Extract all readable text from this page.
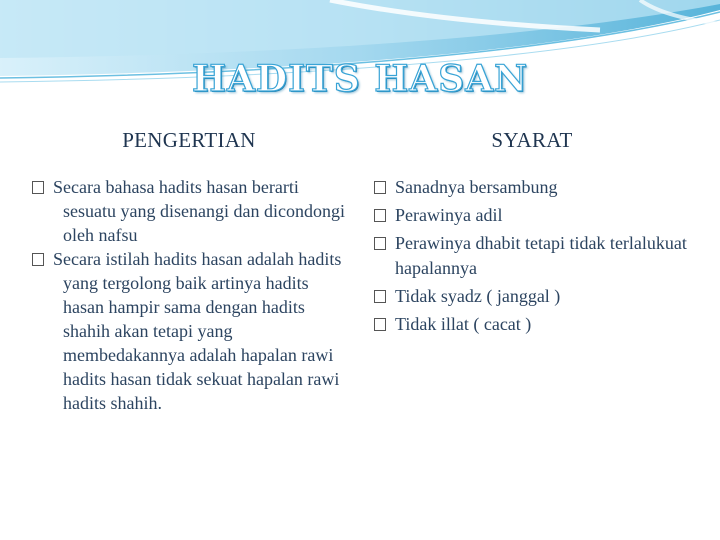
HADITS HASAN
PENGERTIAN
Secara bahasa hadits hasan berarti sesuatu yang disenangi dan dicondongi oleh nafsu
Secara istilah hadits hasan adalah hadits yang tergolong baik artinya hadits hasan hampir sama dengan hadits shahih akan tetapi yang membedakannya adalah hapalan rawi hadits hasan tidak sekuat hapalan rawi hadits shahih.
SYARAT
Sanadnya bersambung
Perawinya adil
Perawinya dhabit tetapi tidak terlalukuat hapalannya
Tidak syadz ( janggal )
Tidak illat ( cacat )
